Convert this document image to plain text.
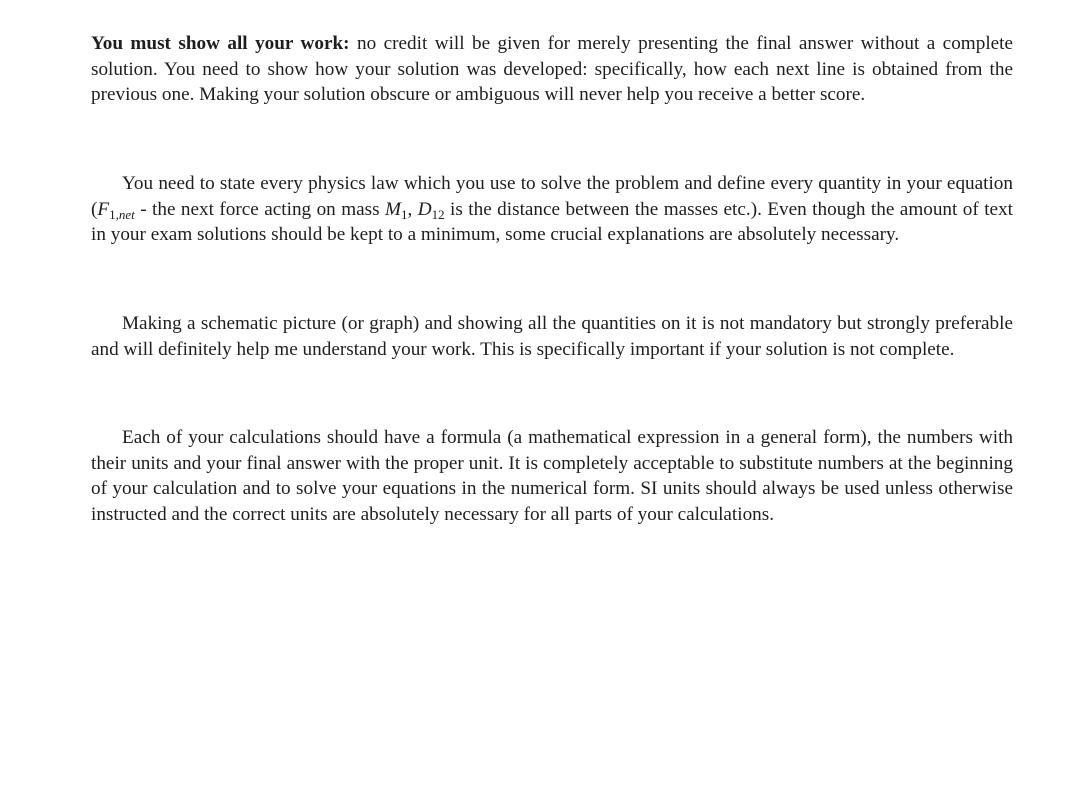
You must show all your work: no credit will be given for merely presenting the final answer without a complete solution. You need to show how your solution was developed: specifically, how each next line is obtained from the previous one. Making your solution obscure or ambiguous will never help you receive a better score.

You need to state every physics law which you use to solve the problem and define every quantity in your equation ($F_{1,net}$ - the next force acting on mass $M_1$, $D_{12}$ is the distance between the masses etc.). Even though the amount of text in your exam solutions should be kept to a minimum, some crucial explanations are absolutely necessary.

Making a schematic picture (or graph) and showing all the quantities on it is not mandatory but strongly preferable and will definitely help me understand your work. This is specifically important if your solution is not complete.

Each of your calculations should have a formula (a mathematical expression in a general form), the numbers with their units and your final answer with the proper unit. It is completely acceptable to substitute numbers at the beginning of your calculation and to solve your equations in the numerical form. SI units should always be used unless otherwise instructed and the correct units are absolutely necessary for all parts of your calculations.
